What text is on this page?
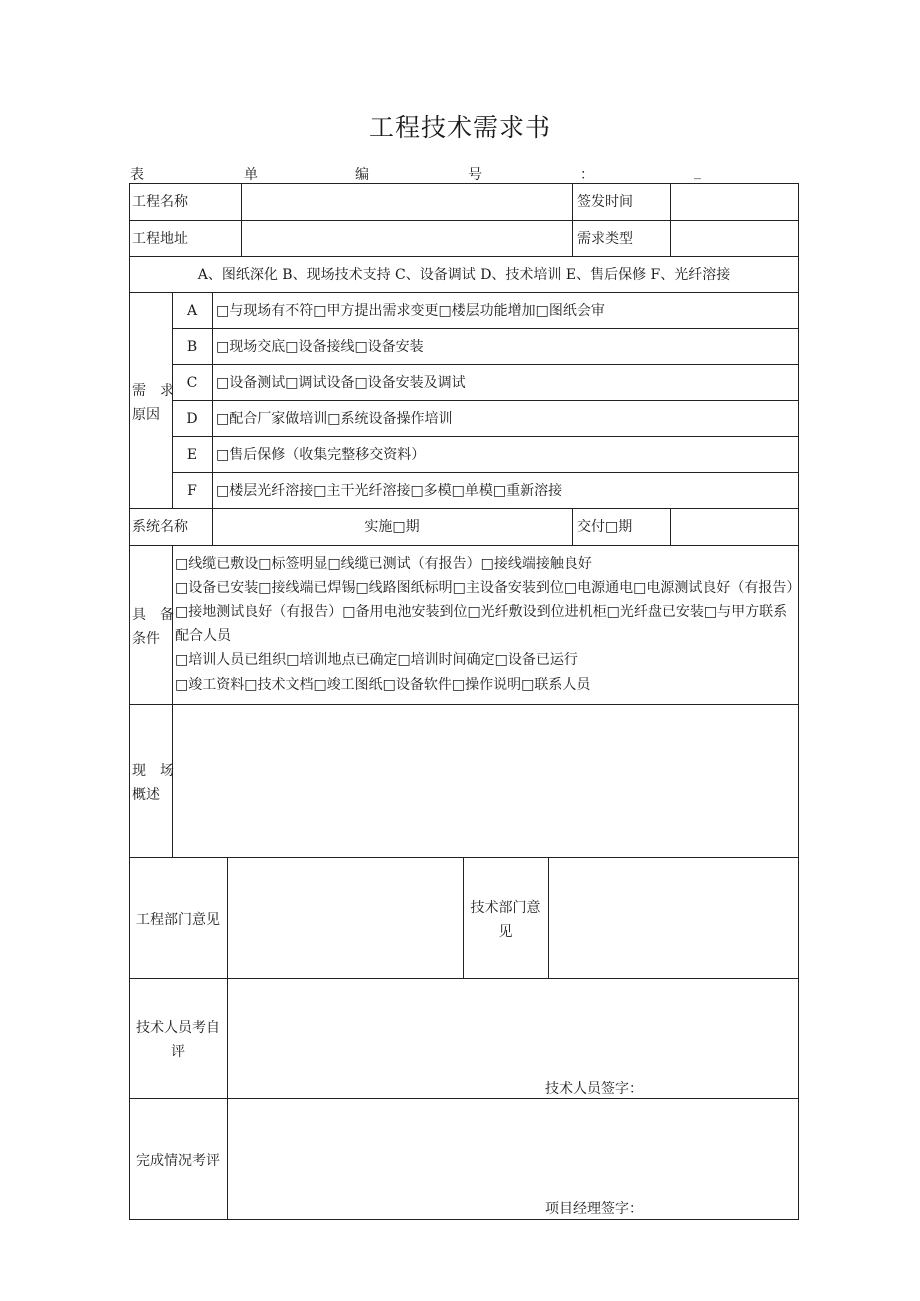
工程技术需求书
表	单	编	号	：	_
工程名称	签发时间
工程地址	需求类型
A、图纸深化 B、现场技术支持 C、设备调试 D、技术培训 E、售后保修 F、光纤溶接
需　求
原因
A	□与现场有不符□甲方提出需求变更□楼层功能增加□图纸会审
B	□现场交底□设备接线□设备安装
C	□设备测试□调试设备□设备安装及调试
D	□配合厂家做培训□系统设备操作培训
E	□售后保修（收集完整移交资料）
F	□楼层光纤溶接□主干光纤溶接□多模□单模□重新溶接
系统名称	实施□期	交付□期
具　备
条件
□线缆已敷设□标签明显□线缆已测试（有报告）□接线端接触良好
□设备已安装□接线端已焊锡□线路图纸标明□主设备安装到位□电源通电□电源测试良好（有报告）□接地测试良好（有报告）□备用电池安装到位□光纤敷设到位进机柜□光纤盘已安装□与甲方联系配合人员
□培训人员已组织□培训地点已确定□培训时间确定□设备已运行
□竣工资料□技术文档□竣工图纸□设备软件□操作说明□联系人员
现　场
概述
工程部门意见
技术部门意
见
技术人员考自
评
技术人员签字：
完成情况考评
项目经理签字：
